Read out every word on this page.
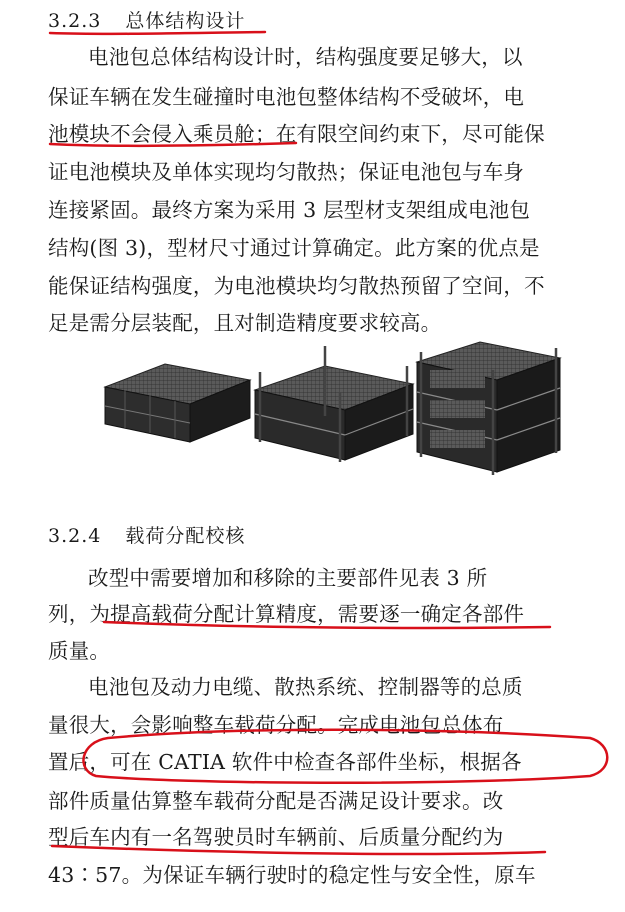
3.2.3 总体结构设计
电池包总体结构设计时，结构强度要足够大，以
保证车辆在发生碰撞时电池包整体结构不受破坏，电
池模块不会侵入乘员舱；在有限空间约束下，尽可能保
证电池模块及单体实现均匀散热；保证电池包与车身
连接紧固。最终方案为采用 3 层型材支架组成电池包
结构(图 3)，型材尺寸通过计算确定。此方案的优点是
能保证结构强度，为电池模块均匀散热预留了空间，不
足是需分层装配，且对制造精度要求较高。
3.2.4 载荷分配校核
改型中需要增加和移除的主要部件见表 3 所
列，为提高载荷分配计算精度，需要逐一确定各部件
质量。
电池包及动力电缆、散热系统、控制器等的总质
量很大，会影响整车载荷分配。完成电池包总体布
置后，可在 CATIA 软件中检查各部件坐标，根据各
部件质量估算整车载荷分配是否满足设计要求。改
型后车内有一名驾驶员时车辆前、后质量分配约为
43∶57。为保证车辆行驶时的稳定性与安全性，原车
